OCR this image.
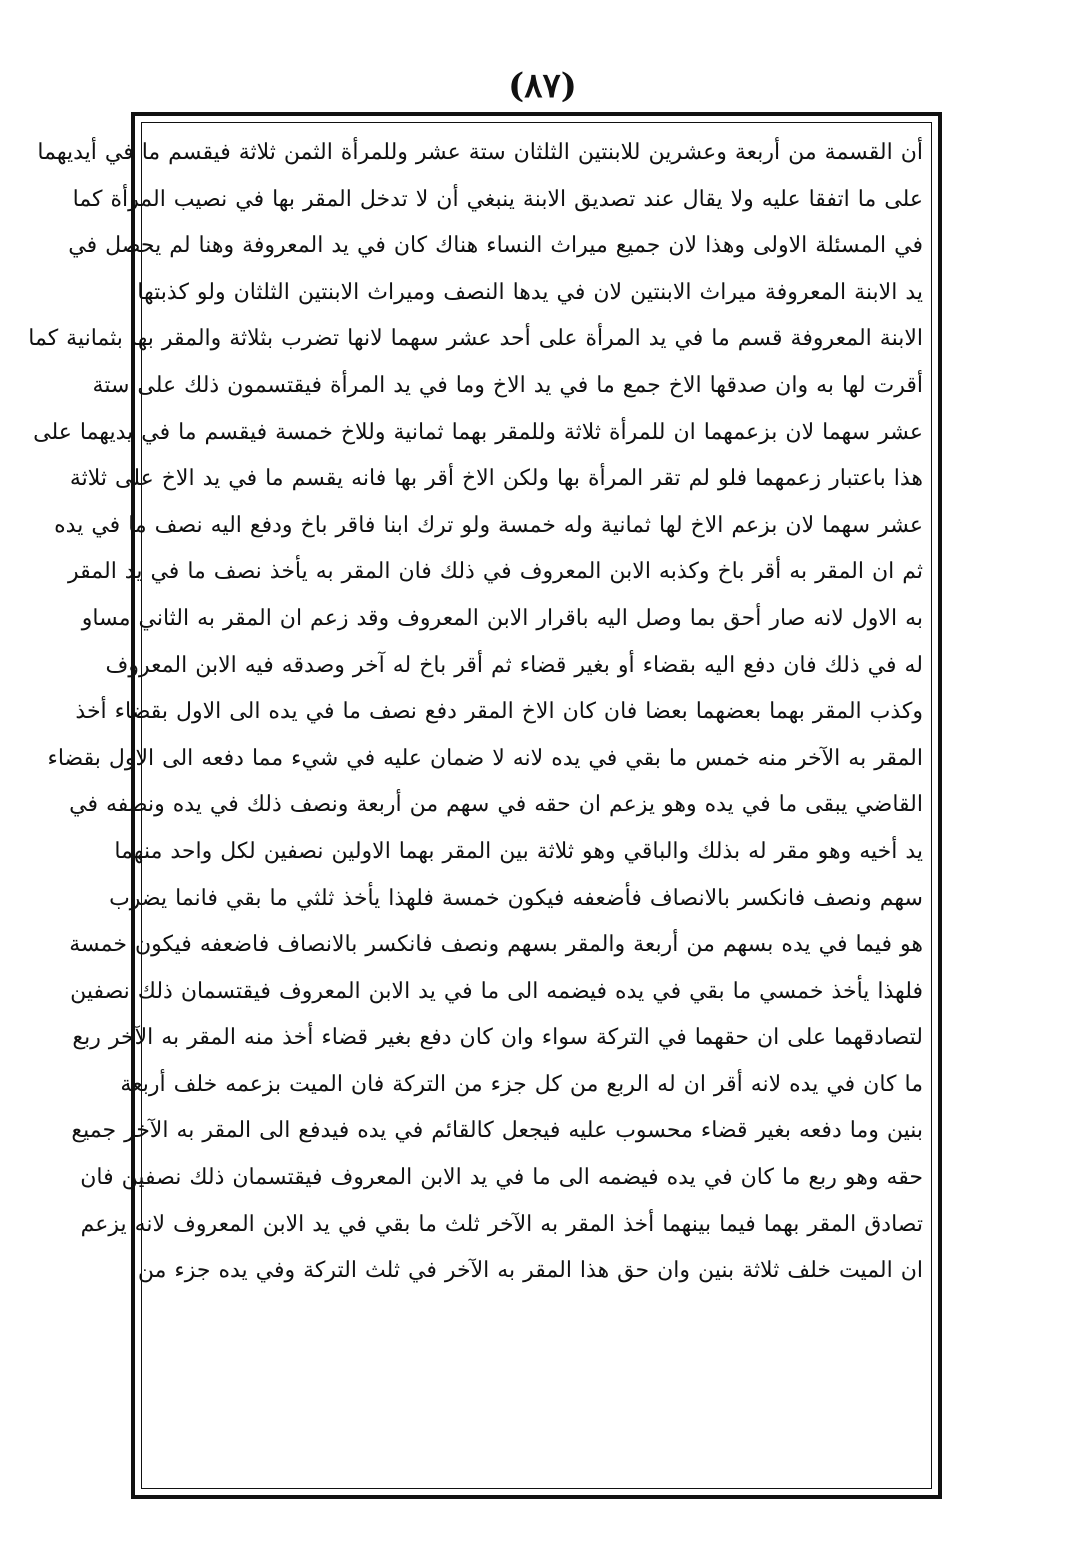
(٨٧)
أن القسمة من أربعة وعشرين للابنتين الثلثان ستة عشر وللمرأة الثمن ثلاثة فيقسم ما في أيديهما
على ما اتفقا عليه ولا يقال عند تصديق الابنة ينبغي أن لا تدخل المقر بها في نصيب المرأة كما
في المسئلة الاولى وهذا لان جميع ميراث النساء هناك كان في يد المعروفة وهنا لم يحصل في
يد الابنة المعروفة ميراث الابنتين لان في يدها النصف وميراث الابنتين الثلثان ولو كذبتها
الابنة المعروفة قسم ما في يد المرأة على أحد عشر سهما لانها تضرب بثلاثة والمقر بها بثمانية كما
أقرت لها به وان صدقها الاخ جمع ما في يد الاخ وما في يد المرأة فيقتسمون ذلك على ستة
عشر سهما لان بزعمهما ان للمرأة ثلاثة وللمقر بهما ثمانية وللاخ خمسة فيقسم ما في يديهما على
هذا باعتبار زعمهما فلو لم تقر المرأة بها ولكن الاخ أقر بها فانه يقسم ما في يد الاخ على ثلاثة
عشر سهما لان بزعم الاخ لها ثمانية وله خمسة ولو ترك ابنا فاقر باخ ودفع اليه نصف ما في يده
ثم ان المقر به أقر باخ وكذبه الابن المعروف في ذلك فان المقر به يأخذ نصف ما في يد المقر
به الاول لانه صار أحق بما وصل اليه باقرار الابن المعروف وقد زعم ان المقر به الثاني مساو
له في ذلك فان دفع اليه بقضاء أو بغير قضاء ثم أقر باخ له آخر وصدقه فيه الابن المعروف
وكذب المقر بهما بعضهما بعضا فان كان الاخ المقر دفع نصف ما في يده الى الاول بقضاء أخذ
المقر به الآخر منه خمس ما بقي في يده لانه لا ضمان عليه في شيء مما دفعه الى الاول بقضاء
القاضي يبقى ما في يده وهو يزعم ان حقه في سهم من أربعة ونصف ذلك في يده ونصفه في
يد أخيه وهو مقر له بذلك والباقي وهو ثلاثة بين المقر بهما الاولين نصفين لكل واحد منهما
سهم ونصف فانكسر بالانصاف فأضعفه فيكون خمسة فلهذا يأخذ ثلثي ما بقي فانما يضرب
هو فيما في يده بسهم من أربعة والمقر بسهم ونصف فانكسر بالانصاف فاضعفه فيكون خمسة
فلهذا يأخذ خمسي ما بقي في يده فيضمه الى ما في يد الابن المعروف فيقتسمان ذلك نصفين
لتصادقهما على ان حقهما في التركة سواء وان كان دفع بغير قضاء أخذ منه المقر به الآخر ربع
ما كان في يده لانه أقر ان له الربع من كل جزء من التركة فان الميت بزعمه خلف أربعة
بنين وما دفعه بغير قضاء محسوب عليه فيجعل كالقائم في يده فيدفع الى المقر به الآخر جميع
حقه وهو ربع ما كان في يده فيضمه الى ما في يد الابن المعروف فيقتسمان ذلك نصفين فان
تصادق المقر بهما فيما بينهما أخذ المقر به الآخر ثلث ما بقي في يد الابن المعروف لانه يزعم
ان الميت خلف ثلاثة بنين وان حق هذا المقر به الآخر في ثلث التركة وفي يده جزء من
